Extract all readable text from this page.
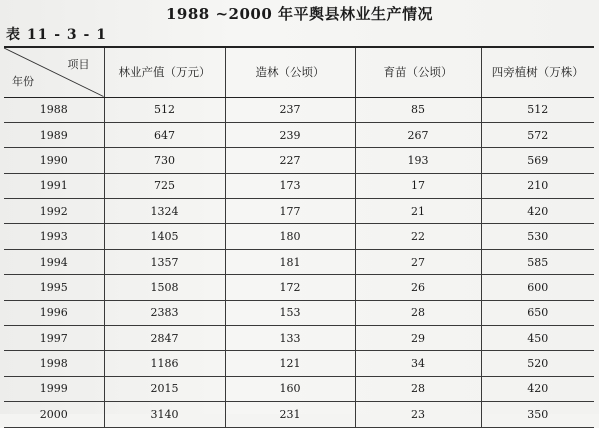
1988 ~2000 年平舆县林业生产情况
表 11 - 3 - 1
项目
年份	林业产值（万元）	造林（公顷）	育苗（公顷）	四旁植树（万株）
1988	512	237	85	512
1989	647	239	267	572
1990	730	227	193	569
1991	725	173	17	210
1992	1324	177	21	420
1993	1405	180	22	530
1994	1357	181	27	585
1995	1508	172	26	600
1996	2383	153	28	650
1997	2847	133	29	450
1998	1186	121	34	520
1999	2015	160	28	420
2000	3140	231	23	350
